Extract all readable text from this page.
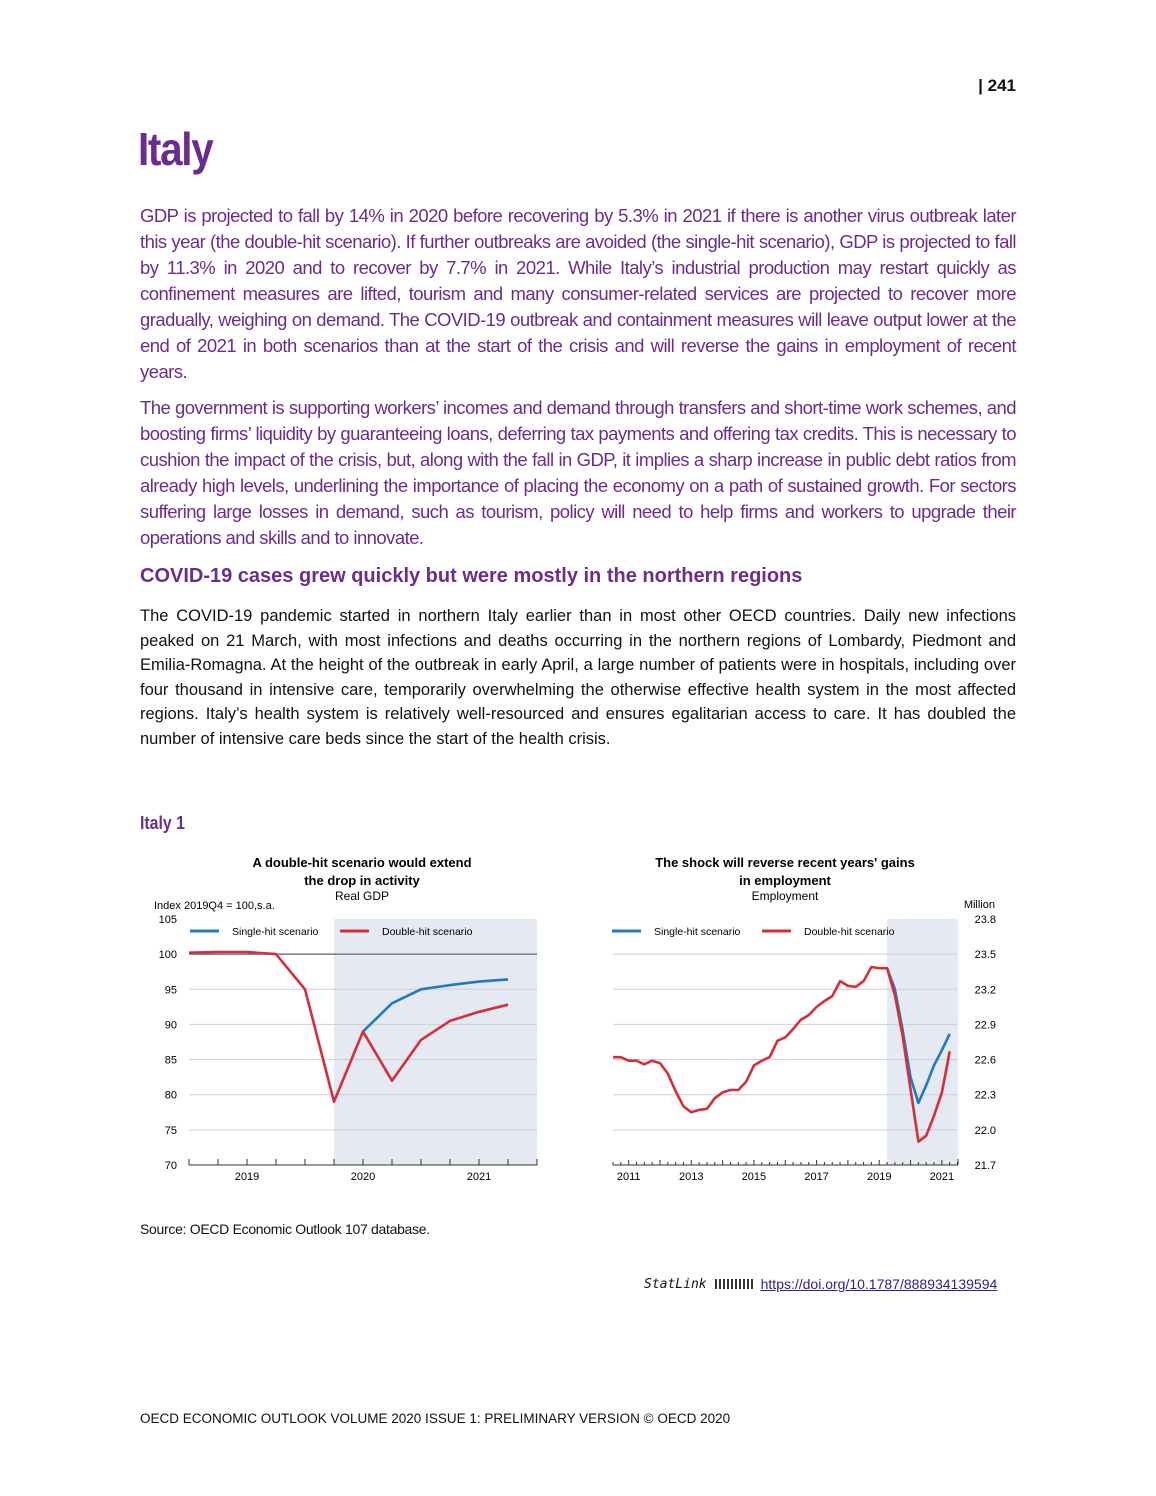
| 241
Italy

GDP is projected to fall by 14% in 2020 before recovering by 5.3% in 2021 if there is another virus outbreak later this year (the double-hit scenario). If further outbreaks are avoided (the single-hit scenario), GDP is projected to fall by 11.3% in 2020 and to recover by 7.7% in 2021. While Italy’s industrial production may restart quickly as confinement measures are lifted, tourism and many consumer-related services are projected to recover more gradually, weighing on demand. The COVID-19 outbreak and containment measures will leave output lower at the end of 2021 in both scenarios than at the start of the crisis and will reverse the gains in employment of recent years.

The government is supporting workers’ incomes and demand through transfers and short-time work schemes, and boosting firms’ liquidity by guaranteeing loans, deferring tax payments and offering tax credits. This is necessary to cushion the impact of the crisis, but, along with the fall in GDP, it implies a sharp increase in public debt ratios from already high levels, underlining the importance of placing the economy on a path of sustained growth. For sectors suffering large losses in demand, such as tourism, policy will need to help firms and workers to upgrade their operations and skills and to innovate.

COVID-19 cases grew quickly but were mostly in the northern regions

The COVID-19 pandemic started in northern Italy earlier than in most other OECD countries. Daily new infections peaked on 21 March, with most infections and deaths occurring in the northern regions of Lombardy, Piedmont and Emilia-Romagna. At the height of the outbreak in early April, a large number of patients were in hospitals, including over four thousand in intensive care, temporarily overwhelming the otherwise effective health system in the most affected regions. Italy’s health system is relatively well-resourced and ensures egalitarian access to care. It has doubled the number of intensive care beds since the start of the health crisis.

Italy 1
A double-hit scenario would extend
the drop in activity
Real GDP
Index 2019Q4 = 100,s.a.
105
100
95
90
85
80
75
70
2019	2020	2021
Single-hit scenario	Double-hit scenario
The shock will reverse recent years' gains
in employment
Employment
Million
23.8
23.5
23.2
22.9
22.6
22.3
22.0
21.7
2011	2013	2015	2017	2019	2021
Single-hit scenario	Double-hit scenario
Source: OECD Economic Outlook 107 database.
StatLink	https://doi.org/10.1787/888934139594
OECD ECONOMIC OUTLOOK VOLUME 2020 ISSUE 1: PRELIMINARY VERSION © OECD 2020
